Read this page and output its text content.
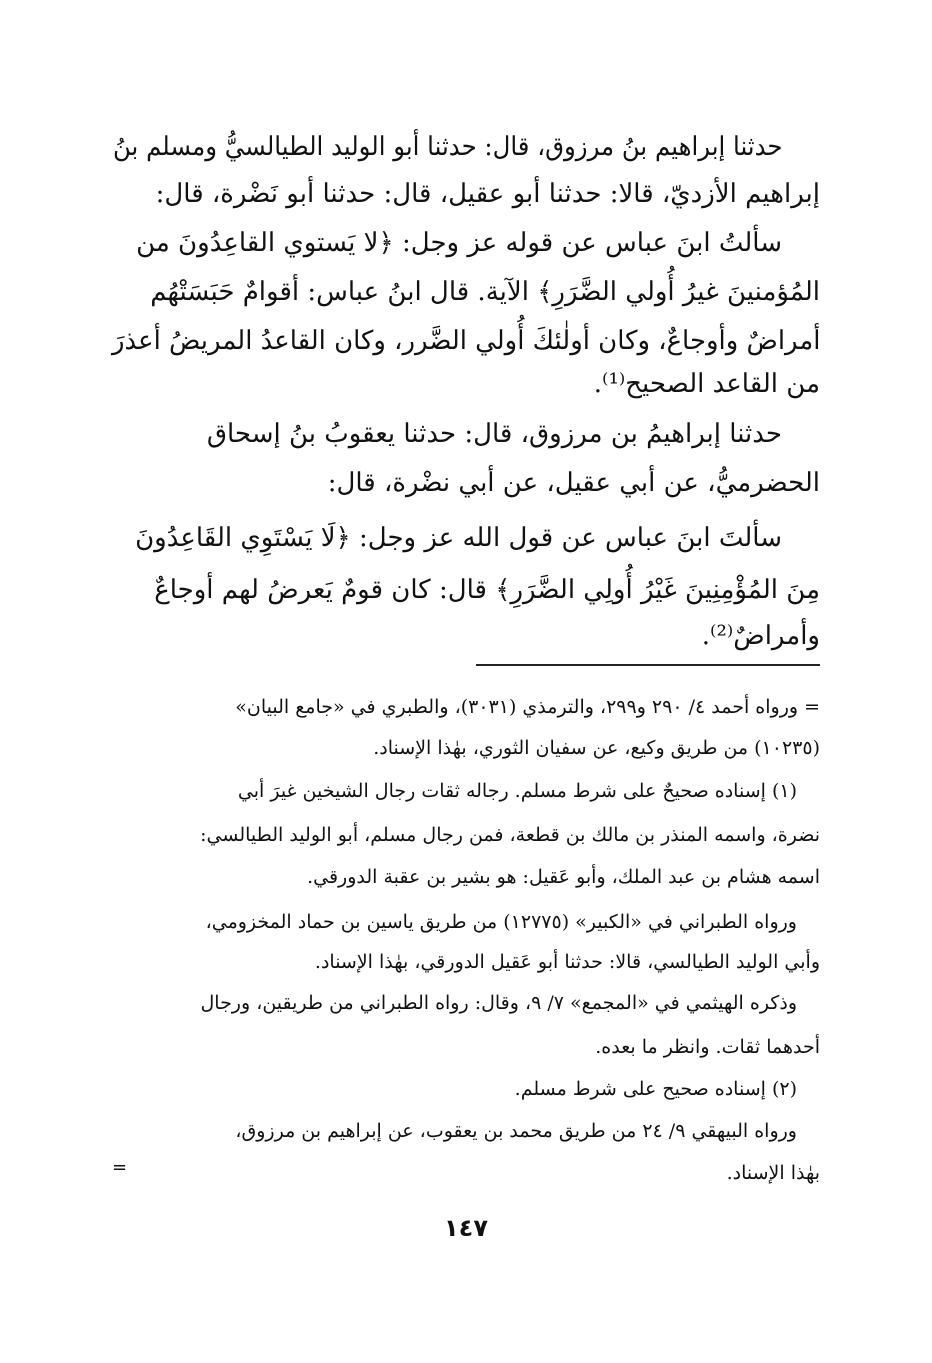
حدثنا إبراهيم بنُ مرزوق، قال: حدثنا أبو الوليد الطيالسيُّ ومسلم بنُ
إبراهيم الأزديّ، قالا: حدثنا أبو عقيل، قال: حدثنا أبو نَضْرة، قال:
سألتُ ابنَ عباس عن قوله عز وجل: ﴿لا يَستوي القاعِدُونَ من
المُؤمنينَ غيرُ أُولي الضَّرَرِ﴾ الآية. قال ابنُ عباس: أقوامٌ حَبَسَتْهُم
أمراضٌ وأوجاعٌ، وكان أولٰئكَ أُولي الضَّرر، وكان القاعدُ المريضُ أعذرَ
من القاعد الصحيح⁽¹⁾.
حدثنا إبراهيمُ بن مرزوق، قال: حدثنا يعقوبُ بنُ إسحاق
الحضرميُّ، عن أبي عقيل، عن أبي نضْرة، قال:
سألتَ ابنَ عباس عن قول الله عز وجل: ﴿لَا يَسْتَوِي القَاعِدُونَ
مِنَ المُؤْمِنِينَ غَيْرُ أُولِي الضَّرَرِ﴾ قال: كان قومٌ يَعرضُ لهم أوجاعٌ
وأمراضٌ⁽²⁾.
= ورواه أحمد ٤/ ٢٩٠ و٢٩٩، والترمذي (٣٠٣١)، والطبري في «جامع البيان»
(١٠٢٣٥) من طريق وكيع، عن سفيان الثوري، بهٰذا الإسناد.
(١) إسناده صحيحٌ على شرط مسلم. رجاله ثقات رجال الشيخين غيرَ أبي
نضرة، واسمه المنذر بن مالك بن قطعة، فمن رجال مسلم، أبو الوليد الطيالسي:
اسمه هشام بن عبد الملك، وأبو عَقيل: هو بشير بن عقبة الدورقي.
ورواه الطبراني في «الكبير» (١٢٧٧٥) من طريق ياسين بن حماد المخزومي،
وأبي الوليد الطيالسي، قالا: حدثنا أبو عَقيل الدورقي، بهٰذا الإسناد.
وذكره الهيثمي في «المجمع» ٧/ ٩، وقال: رواه الطبراني من طريقين، ورجال
أحدهما ثقات. وانظر ما بعده.
(٢) إسناده صحيح على شرط مسلم.
ورواه البيهقي ٩/ ٢٤ من طريق محمد بن يعقوب، عن إبراهيم بن مرزوق،
بهٰذا الإسناد.
=
١٤٧
